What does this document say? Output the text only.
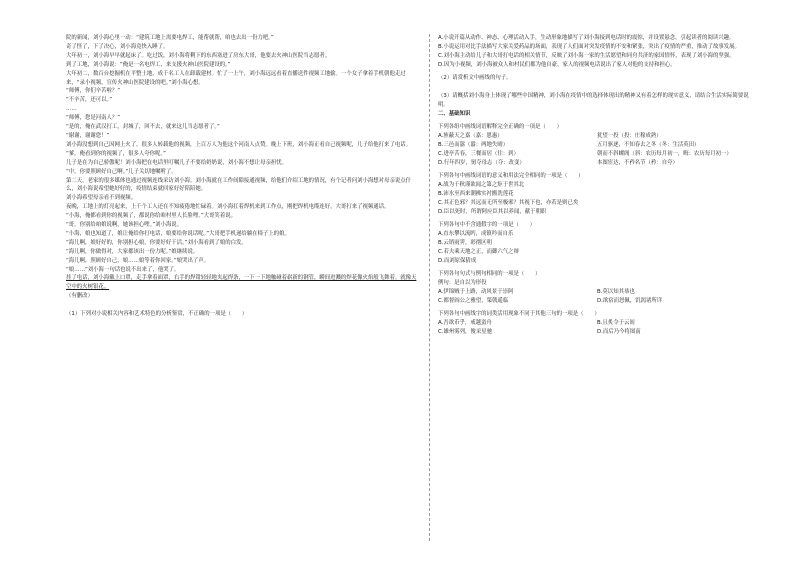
院的新闻，刘小海心里一动：“建筑工地上需要电焊工，能帮就帮，咱也去出一份力吧。”

奇了怪了，下了决心，刘小海竟快入睡了。

大年初一，刘小海早早就起床了。吃过饭，刘小海将剩下的东西塞进了房东大哥，他要去火神山医院当志愿者。

到了工地，刘小海说：“俺是一名电焊工，来支援火神山医院建设的。”

大年初二，数百台挖掘机在平整土地，成千名工人在卸载建材。忙了一上午，刘小海远远看着直播送件视频工地偷。一个女子拿着手机朝他走过来，“录小视频，宣传火神山医院建设的吧。”刘小海心想。

“师傅，你们辛苦啦？”

“不辛苦，还可以。”

……

“师傅，您是河南人？”

“是的，俺在武汉打工，封城了，回不去，就来这儿当志愿者了。”

“谢谢，谢谢您！”

刘小海没想到自己因网上火了。很多人转载他的视频，上百万人为他这个河南人点赞。晚上下班，刘小海正看自己视频呢，儿子给他打来了电话。

“爹，俺看到你的视频了，很多人夸你呢。”

儿子是在为自己骄傲呢！刘小海把在电话里叮嘱儿子不要给奶奶说，刘小海不想让母亲担忧。

“中，你要照顾好自己啊。”儿子关切地嘱咐了。

第二天，老家的很多媒体也通过视频连线采访刘小海。刘小海就在工作间隙接通视频，给他们介绍工地的情况，有个记者问刘小海想对母亲说点什么，刘小海说希望她好好的，疫情结束就回家好好陪陪她。

刘小海希望母亲看不到视频。

夜晚，工地上的灯亮起来，上千个工人还在不知疲倦地忙碌着。刘小海扛着焊机来到工作点，刚把焊机电缆连好，大哥打来了视频通话。

“小海，俺都看到你的视频了，都说你给咱村里人长脸哩。”大哥笑着说。

“哥，你别给咱娘说啊，她该担心哩。”刘小海说。

“小海，娘也知道了，娘让俺给你打电话，娘要给你说话呢。”大哥把手机递给躺在椅子上的娘。

“海儿啊，娘好好的，你别担心娘，你要好好干活。”刘小海看到了娘的白发。

“海儿啊，你做得对，大家都该出一份力呢。”娘继续说。

“海儿啊，照顾好自己，娘……娘等着你回家。”娘哭出了声。

“娘……”刘小海一句话也说不出来了，他哭了。

挂了电话，刘小海戴上口罩，走手拿着面罩，右手的焊钳轻轻地夹起焊条，一下一下地触碰着崭新的钢管，瞬间迸溅的焊花像火焰般飞舞着。就像天空中的火树银花。

（有删改）

（1）下列对小说相关内容和艺术特色的分析鉴赏，不正确的一项是（　　）

A.小说开篇从动作、神态、心理活动入手，生动形象地描写了刘小海接到电话时的震惊，并设置悬念，引起读者的阅读兴趣。

B.小说运用对比手法描写大家关爱药品的场面，表现了人们面对突发疫情的不安和紧张，突出了疫情的严重，推动了故事发展。

C.刘小海主动给儿子和大哥打电话的相关情节，反映了刘小海一家的生活愿望和同舟共济的家国情怀，表现了刘小海的坚强。

D.因为小视频，刘小海被众人和村民们都为他自豪，家人的视频电话说出了家人对他的支持和担心。

（2）请赏析文中画线的句子。

（3）请概括刘小海身上体现了哪些中国精神，刘小海在疫情中的选择体现出的精神又有着怎样的现实意义，请结合生活实际简要说明。

二、基础知识

下列各组中画线词语解释完全正确的一项是（　　）

A.旌蔽天之嘉（嘉：恩惠）	犹望一投（投：庄稼成熟）
B.三邑而嚣（嚣：两地失晴）	五月驱逐，不知春去之冬（冬：生活英田）
C.进亭苦春，三餐而居（往：到）	朝而不斜螺阁（斜：农历每月初一，晦：农历每月初一）
D.行年四岁，舅夺母志（夺：改变）	本图宦达，不矜名节（矜：自夸）

下列各句中画线词语的意义和用法完全相同的一项是（　　）

A.战为千秋谨欲闻之第之矩于世其北

B.沛水至西来潮拂实衬搬洗莲花

C.其正色邪？其远而无所至极邪？其视下也，亦若是则已矣

D.臣以死时，所谓阿应臣其以养闻，献于朝职

下列各句中不含通假字的一项是（　　）

A.直东攀以流眄，成镇吟而自乐

B.云销雨霁，彩彻区明

C.若夫乘天地之正，而御六气之辩

D.而刘原保猜成

下列各句句式与例句相同的一项是（　　）

例句：是自以为形役

A.伊锦贼于上路，动风景于崇阿	B.莫以知其恭也
C.都督阎公之雅望，棨戟遥临	D.欲宿而怒佩，饥渴诸所详

下列各句中画线字的词类活用现象不同于其他三句的一项是（　　）

A.吾欲币乎，戒越蛮舟	B.且炙令于云间
C.雄州雾列，俊采星驰	D.而后乃今将图南
